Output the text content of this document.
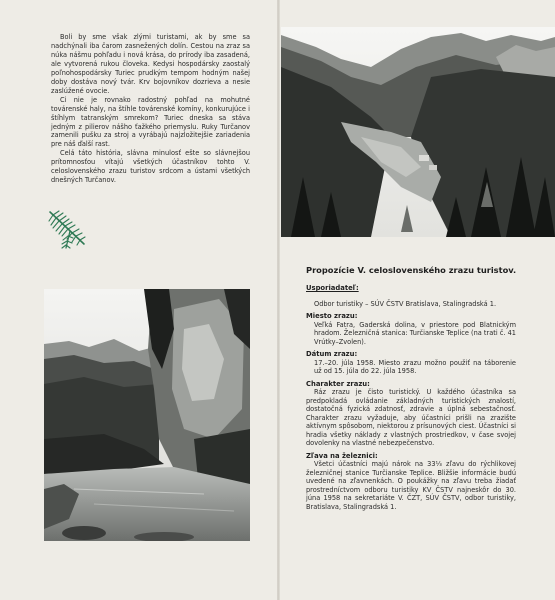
Boli by sme však zlými turistami, ak by sme sa nadchýnali iba čarom zasnežených dolín. Cestou na zraz sa núka nášmu pohľadu i nová krása, do prírody iba zasadená, ale vytvorená rukou človeka. Kedysi hospodársky zaostalý poľnohospodársky Turiec prudkým tempom hodným našej doby dostáva nový tvár. Krv bojovníkov dozrieva a nesie zaslúžené ovocie.

Ci nie je rovnako radostný pohľad na mohutné továrenské haly, na štíhle továrenské komíny, konkurujúce i štíhlym tatranským smrekom? Turiec dneska sa stáva jedným z pilierov nášho ťažkého priemyslu. Ruky Turčanov zamenili pušku za stroj a vyrábajú najzložitejšie zariadenia pre náš ďalší rast.

Celá táto história, slávna minulosť ešte so slávnejšou prítomnosťou vítajú všetkých účastníkov tohto V. celoslovenského zrazu turistov srdcom a ústami všetkých dnešných Turčanov.

Propozície V. celoslovenského zrazu turistov.
Usporiadateľ:
Odbor turistiky – SÚV ČSTV Bratislava, Stalingradská 1.
Miesto zrazu:
Veľká Fatra, Gaderská dolina, v priestore pod Blatnickým hradom. Železničná stanica: Turčianske Teplice (na trati č. 41 Vrútky–Zvolen).
Dátum zrazu:
17.–20. júla 1958. Miesto zrazu možno použiť na táborenie už od 15. júla do 22. júla 1958.
Charakter zrazu:
Ráz zrazu je čisto turistický. U každého účastníka sa predpokladá ovládanie základných turistických znalostí, dostatočná fyzická zdatnosť, zdravie a úplná sebestačnosť. Charakter zrazu vyžaduje, aby účastníci prišli na zrazište aktívnym spôsobom, niektorou z prísunových ciest. Účastníci si hradia všetky náklady z vlastných prostriedkov, v čase svojej dovolenky na vlastné nebezpečenstvo.
Zľava na železnici:
Všetci účastníci majú nárok na 33⅓ zľavu do rýchlikovej železničnej stanice Turčianske Teplice. Bližšie informácie budú uvedené na zľavnenkách. O poukážky na zľavu treba žiadať prostredníctvom odboru turistiky KV ČSTV najneskôr do 30. júna 1958 na sekretariáte V. ČZT, SÚV ČSTV, odbor turistiky, Bratislava, Stalingradská 1.
